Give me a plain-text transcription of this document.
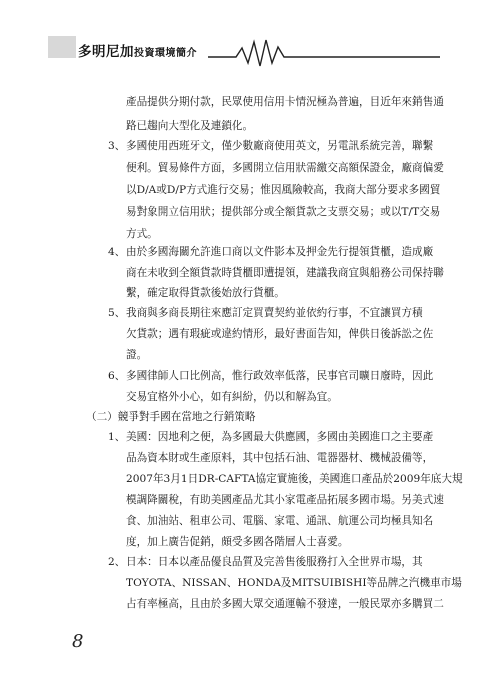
多明尼加投資環境簡介
產品提供分期付款，民眾使用信用卡情況極為普遍，目近年來銷售通
路已趨向大型化及連鎖化。
3、 多國使用西班牙文，僅少數廠商使用英文，另電訊系統完善，聯繫
便利。貿易條件方面，多國開立信用狀需繳交高額保證金，廠商偏愛
以D/A或D/P方式進行交易；惟因風險較高，我商大部分要求多國貿
易對象開立信用狀；提供部分或全額貨款之支票交易；或以T/T交易
方式。
4、 由於多國海關允許進口商以文件影本及押金先行提領貨櫃，造成廠
商在未收到全額貨款時貨櫃即遭提領，建議我商宜與船務公司保持聯
繫，確定取得貨款後始放行貨櫃。
5、 我商與多商長期往來應訂定買賣契約並依約行事，不宜讓買方積
欠貨款；遇有瑕疵或違約情形，最好書面告知，俾供日後訴訟之佐
證。
6、 多國律師人口比例高，惟行政效率低落，民事官司曠日廢時，因此
交易宜格外小心，如有糾紛，仍以和解為宜。
（二）競爭對手國在當地之行銷策略
1、 美國：因地利之便，為多國最大供應國，多國由美國進口之主要產
品為資本財或生產原料，其中包括石油、電器器材、機械設備等，
2007年3月1日DR-CAFTA協定實施後，美國進口產品於2009年底大規
模調降關稅，有助美國產品尤其小家電產品拓展多國市場。另美式速
食、加油站、租車公司、電腦、家電、通訊、航運公司均極具知名
度，加上廣告促銷，頗受多國各階層人士喜愛。
2、 日本：日本以產品優良品質及完善售後服務打入全世界市場，其
TOYOTA、NISSAN、HONDA及MITSUIBISHI等品牌之汽機車市場
占有率極高，且由於多國大眾交通運輸不發達，一般民眾亦多購買二
8
